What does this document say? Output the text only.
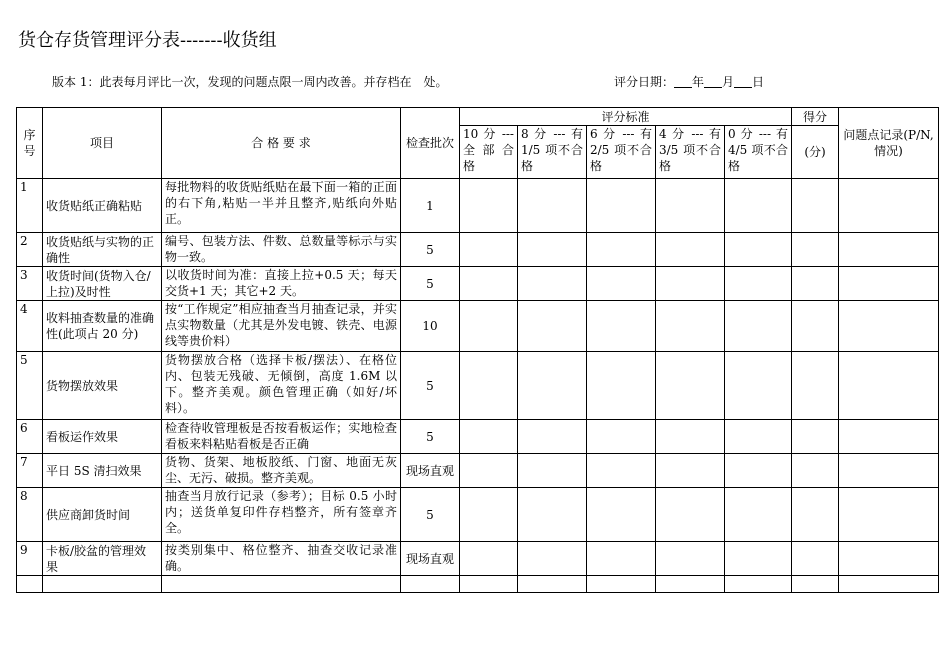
货仓存货管理评分表-------收货组
版本 1：此表每月评比一次，发现的问题点限一周内改善。并存档在　处。	评分日期： 年 月 日
序号	项目	合 格 要 求	检查批次	评分标准					得分	问题点记录(P/N,情况)
				10 分 ---全 部 合格	8 分 --- 有1/5 项不合格	6 分 --- 有2/5 项不合格	4 分 --- 有3/5 项不合格	0 分 --- 有4/5 项不合格	(分)	
1	收货贴纸正确粘贴	每批物料的收货贴纸贴在最下面一箱的正面的右下角,粘贴一半并且整齐,贴纸向外贴正。	1							
2	收货贴纸与实物的正确性	编号、包装方法、件数、总数量等标示与实物一致。	5							
3	收货时间(货物入仓/上拉)及时性	以收货时间为准：直接上拉+0.5 天；每天交货+1 天；其它+2 天。	5							
4	收料抽查数量的准确性(此项占 20 分)	按“工作规定”相应抽查当月抽查记录，并实点实物数量（尤其是外发电镀、铁壳、电源线等贵价料）	10							
5	货物摆放效果	货物摆放合格（选择卡板/摆法）、在格位内、包装无残破、无倾倒，高度 1.6M 以下。整齐美观。颜色管理正确（如好/坏料）。	5							
6	看板运作效果	检查待收管理板是否按看板运作；实地检查看板来料粘贴看板是否正确	5							
7	平日 5S 清扫效果	货物、货架、地板胶纸、门窗、地面无灰尘、无污、破损。整齐美观。	现场直观							
8	供应商卸货时间	抽查当月放行记录（参考）；目标 0.5 小时内；送货单复印件存档整齐，所有签章齐全。	5							
9	卡板/胶盆的管理效果	按类别集中、格位整齐、抽查交收记录准确。	现场直观							
